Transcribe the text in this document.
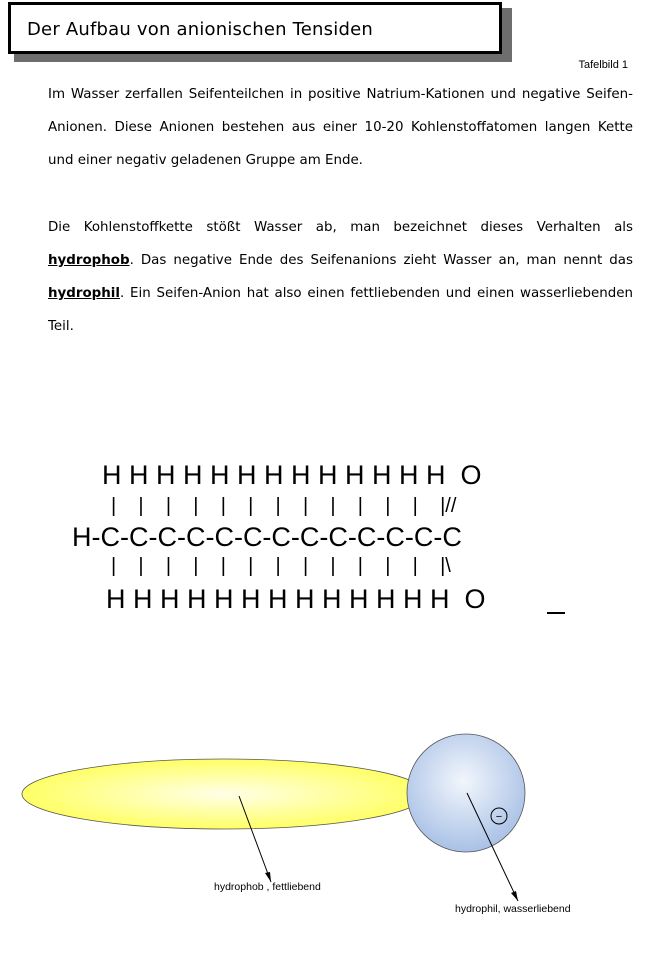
Der Aufbau von anionischen Tensiden
Tafelbild 1

Im Wasser zerfallen Seifenteilchen in positive Natrium-Kationen und negative Seifen-Anionen. Diese Anionen bestehen aus einer 10-20 Kohlenstoffatomen langen Kette und einer negativ geladenen Gruppe am Ende.

Die Kohlenstoffkette stößt Wasser ab, man bezeichnet dieses Verhalten als hydrophob. Das negative Ende des Seifenanions zieht Wasser an, man nennt das hydrophil. Ein Seifen-Anion hat also einen fettliebenden und einen wasserliebenden Teil.

H H H H H H H H H H H H H  O
|    |    |    |    |    |    |    |    |    |    |    |    |//
H-C-C-C-C-C-C-C-C-C-C-C-C-C
|    |    |    |    |    |    |    |    |    |    |    |    |\
H H H H H H H H H H H H H  O
−
hydrophob , fettliebend
hydrophil, wasserliebend
